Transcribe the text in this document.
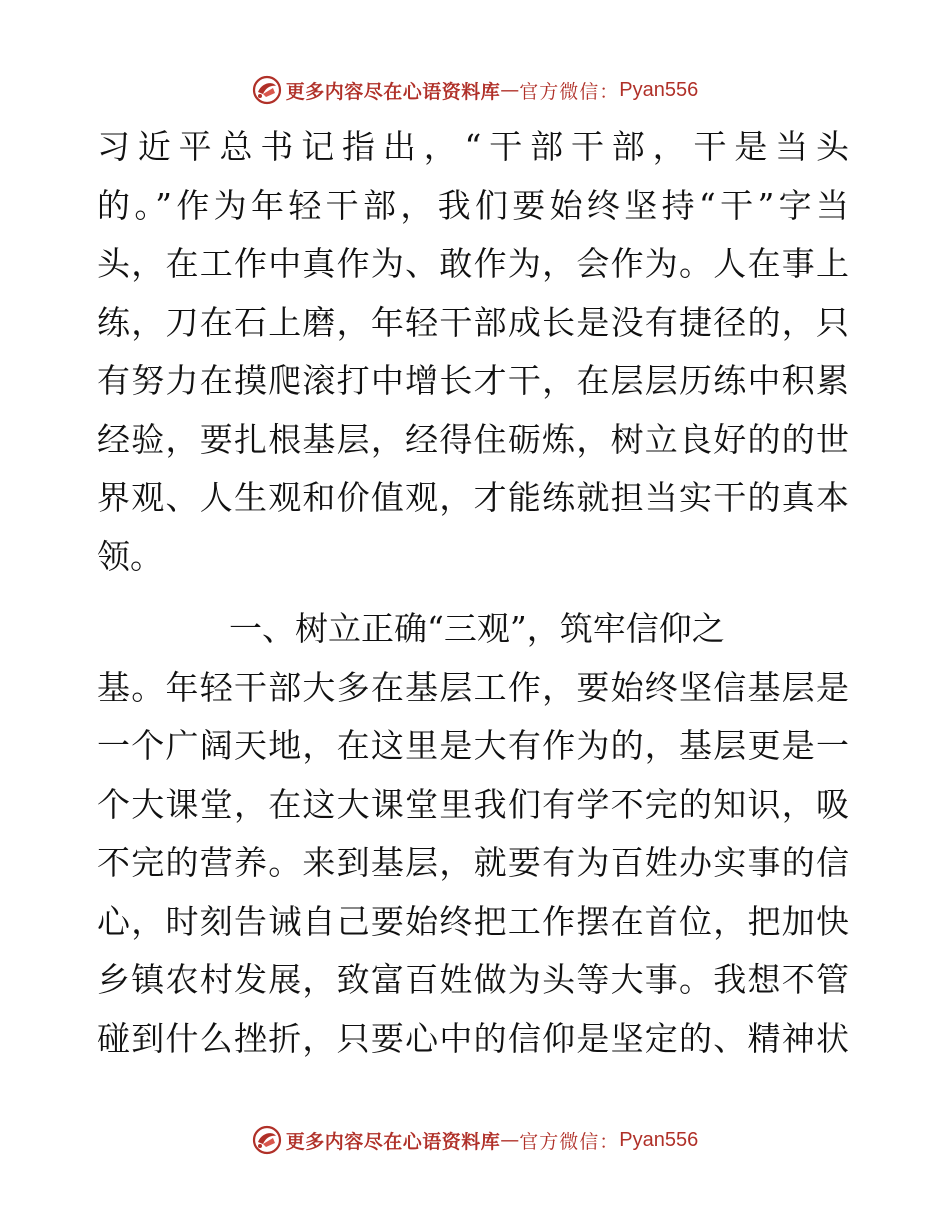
更多内容尽在心语资料库 — 官方微信： Pyan556
习近平总书记指出，“干部干部，干是当头
的。”作为年轻干部，我们要始终坚持“干”字当
头，在工作中真作为、敢作为，会作为。人在事上
练，刀在石上磨，年轻干部成长是没有捷径的，只
有努力在摸爬滚打中增长才干，在层层历练中积累
经验，要扎根基层，经得住砺炼，树立良好的的世
界观、人生观和价值观，才能练就担当实干的真本
领。
　　　　一、树立正确“三观”，筑牢信仰之
基。年轻干部大多在基层工作，要始终坚信基层是
一个广阔天地，在这里是大有作为的，基层更是一
个大课堂，在这大课堂里我们有学不完的知识，吸
不完的营养。来到基层，就要有为百姓办实事的信
心，时刻告诫自己要始终把工作摆在首位，把加快
乡镇农村发展，致富百姓做为头等大事。我想不管
碰到什么挫折，只要心中的信仰是坚定的、精神状
更多内容尽在心语资料库 — 官方微信： Pyan556
